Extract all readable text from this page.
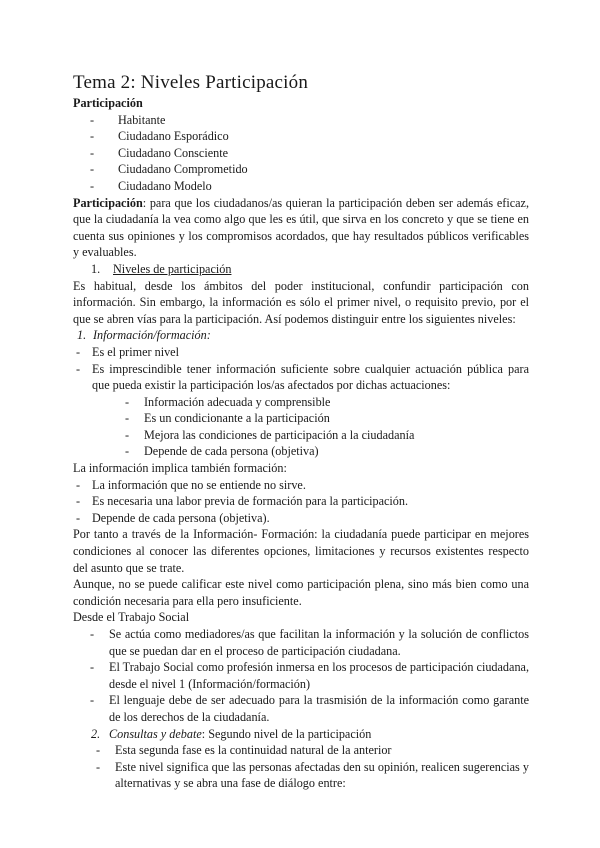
Tema 2: Niveles Participación
Participación
-	Habitante
-	Ciudadano Esporádico
-	Ciudadano Consciente
-	Ciudadano Comprometido
-	Ciudadano Modelo

Participación: para que los ciudadanos/as quieran la participación deben ser además eficaz, que la ciudadanía la vea como algo que les es útil, que sirva en los concreto y que se tiene en cuenta sus opiniones y los compromisos acordados, que hay resultados públicos verificables y evaluables.

1. Niveles de participación

Es habitual, desde los ámbitos del poder institucional, confundir participación con información. Sin embargo, la información es sólo el primer nivel, o requisito previo, por el que se abren vías para la participación. Así podemos distinguir entre los siguientes niveles:

1. Información/formación:
- Es el primer nivel
- Es imprescindible tener información suficiente sobre cualquier actuación pública para que pueda existir la participación los/as afectados por dichas actuaciones:
-	Información adecuada y comprensible
-	Es un condicionante a la participación
-	Mejora las condiciones de participación a la ciudadanía
-	Depende de cada persona (objetiva)
La información implica también formación:
- La información que no se entiende no sirve.
- Es necesaria una labor previa de formación para la participación.
- Depende de cada persona (objetiva).

Por tanto a través de la Información- Formación: la ciudadanía puede participar en mejores condiciones al conocer las diferentes opciones, limitaciones y recursos existentes respecto del asunto que se trate.

Aunque, no se puede calificar este nivel como participación plena, sino más bien como una condición necesaria para ella pero insuficiente.

Desde el Trabajo Social
-	Se actúa como mediadores/as que facilitan la información y la solución de conflictos que se puedan dar en el proceso de participación ciudadana.
-	El Trabajo Social como profesión inmersa en los procesos de participación ciudadana, desde el nivel 1 (Información/formación)
-	El lenguaje debe de ser adecuado para la trasmisión de la información como garante de los derechos de la ciudadanía.
2. Consultas y debate: Segundo nivel de la participación
-	Esta segunda fase es la continuidad natural de la anterior
-	Este nivel significa que las personas afectadas den su opinión, realicen sugerencias y alternativas y se abra una fase de diálogo entre:
